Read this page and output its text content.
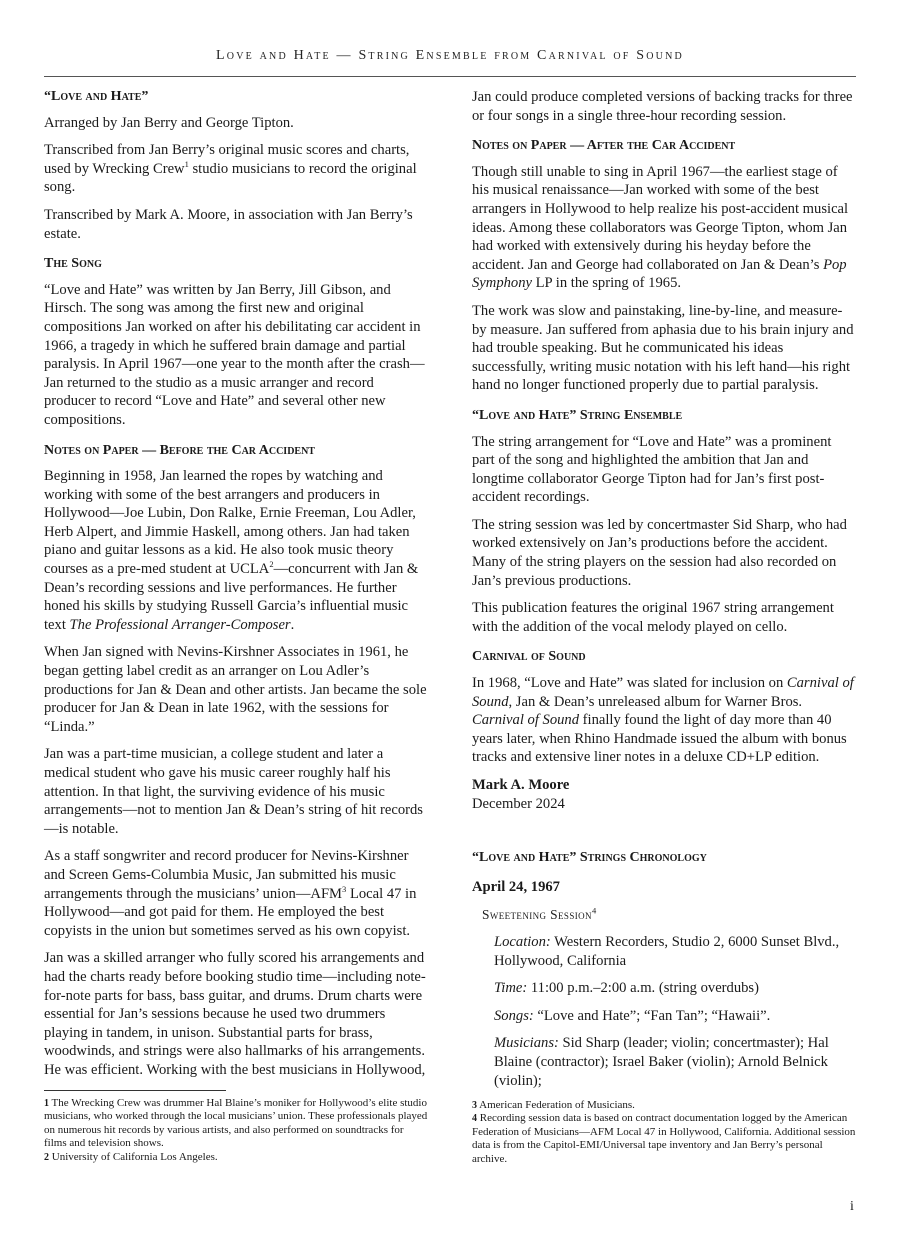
Love and Hate — String Ensemble from Carnival of Sound
“Love and Hate”

Arranged by Jan Berry and George Tipton.

Transcribed from Jan Berry’s original music scores and charts, used by Wrecking Crew$^1$ studio musicians to record the original song.

Transcribed by Mark A. Moore, in association with Jan Berry’s estate.

The Song

“Love and Hate” was written by Jan Berry, Jill Gibson, and Hirsch. The song was among the first new and original compositions Jan worked on after his debilitating car accident in 1966, a tragedy in which he suffered brain damage and partial paralysis. In April 1967—one year to the month after the crash—Jan returned to the studio as a music arranger and record producer to record “Love and Hate” and several other new compositions.

Notes on Paper — Before the Car Accident

Beginning in 1958, Jan learned the ropes by watching and working with some of the best arrangers and producers in Hollywood—Joe Lubin, Don Ralke, Ernie Freeman, Lou Adler, Herb Alpert, and Jimmie Haskell, among others. Jan had taken piano and guitar lessons as a kid. He also took music theory courses as a pre-med student at UCLA$^2$—concurrent with Jan & Dean’s recording sessions and live performances. He further honed his skills by studying Russell Garcia’s influential music text The Professional Arranger-Composer.

When Jan signed with Nevins-Kirshner Associates in 1961, he began getting label credit as an arranger on Lou Adler’s productions for Jan & Dean and other artists. Jan became the sole producer for Jan & Dean in late 1962, with the sessions for “Linda.”

Jan was a part-time musician, a college student and later a medical student who gave his music career roughly half his attention. In that light, the surviving evidence of his music arrangements—not to mention Jan & Dean’s string of hit records—is notable.

As a staff songwriter and record producer for Nevins-Kirshner and Screen Gems-Columbia Music, Jan submitted his music arrangements through the musicians’ union—AFM$^3$ Local 47 in Hollywood—and got paid for them. He employed the best copyists in the union but sometimes served as his own copyist.

Jan was a skilled arranger who fully scored his arrangements and had the charts ready before booking studio time—including note-for-note parts for bass, bass guitar, and drums. Drum charts were essential for Jan’s sessions because he used two drummers playing in tandem, in unison. Substantial parts for brass, woodwinds, and strings were also hallmarks of his arrangements. He was efficient. Working with the best musicians in Hollywood,

Jan could produce completed versions of backing tracks for three or four songs in a single three-hour recording session.

Notes on Paper — After the Car Accident

Though still unable to sing in April 1967—the earliest stage of his musical renaissance—Jan worked with some of the best arrangers in Hollywood to help realize his post-accident musical ideas. Among these collaborators was George Tipton, whom Jan had worked with extensively during his heyday before the accident. Jan and George had collaborated on Jan & Dean’s Pop Symphony LP in the spring of 1965.

The work was slow and painstaking, line-by-line, and measure-by measure. Jan suffered from aphasia due to his brain injury and had trouble speaking. But he communicated his ideas successfully, writing music notation with his left hand—his right hand no longer functioned properly due to partial paralysis.

“Love and Hate” String Ensemble

The string arrangement for “Love and Hate” was a prominent part of the song and highlighted the ambition that Jan and longtime collaborator George Tipton had for Jan’s first post-accident recordings.

The string session was led by concertmaster Sid Sharp, who had worked extensively on Jan’s productions before the accident. Many of the string players on the session had also recorded on Jan’s previous productions.

This publication features the original 1967 string arrangement with the addition of the vocal melody played on cello.

Carnival of Sound

In 1968, “Love and Hate” was slated for inclusion on Carnival of Sound, Jan & Dean’s unreleased album for Warner Bros. Carnival of Sound finally found the light of day more than 40 years later, when Rhino Handmade issued the album with bonus tracks and extensive liner notes in a deluxe CD+LP edition.

Mark A. Moore

December 2024

“Love and Hate” Strings Chronology
April 24, 1967
Sweetening Session$^4$

Location: Western Recorders, Studio 2, 6000 Sunset Blvd., Hollywood, California

Time: 11:00 p.m.–2:00 a.m. (string overdubs)

Songs: “Love and Hate”; “Fan Tan”; “Hawaii”.

Musicians: Sid Sharp (leader; violin; concertmaster); Hal Blaine (contractor); Israel Baker (violin); Arnold Belnick (violin);

1 The Wrecking Crew was drummer Hal Blaine’s moniker for Hollywood’s elite studio musicians, who worked through the local musicians’ union. These professionals played on numerous hit records by various artists, and also performed on soundtracks for films and television shows.

2 University of California Los Angeles.

3 American Federation of Musicians.

4 Recording session data is based on contract documentation logged by the American Federation of Musicians—AFM Local 47 in Hollywood, California. Additional session data is from the Capitol-EMI/Universal tape inventory and Jan Berry’s personal archive.

i
